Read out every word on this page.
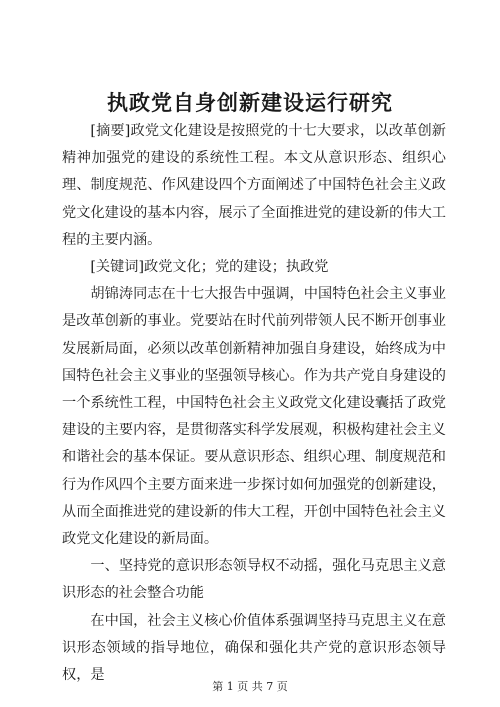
执政党自身创新建设运行研究

[摘要]政党文化建设是按照党的十七大要求，以改革创新精神加强党的建设的系统性工程。本文从意识形态、组织心理、制度规范、作风建设四个方面阐述了中国特色社会主义政党文化建设的基本内容，展示了全面推进党的建设新的伟大工程的主要内涵。

[关键词]政党文化；党的建设；执政党

胡锦涛同志在十七大报告中强调，中国特色社会主义事业是改革创新的事业。党要站在时代前列带领人民不断开创事业发展新局面，必须以改革创新精神加强自身建设，始终成为中国特色社会主义事业的坚强领导核心。作为共产党自身建设的一个系统性工程，中国特色社会主义政党文化建设囊括了政党建设的主要内容，是贯彻落实科学发展观，积极构建社会主义和谐社会的基本保证。要从意识形态、组织心理、制度规范和行为作风四个主要方面来进一步探讨如何加强党的创新建设，从而全面推进党的建设新的伟大工程，开创中国特色社会主义政党文化建设的新局面。

一、坚持党的意识形态领导权不动摇，强化马克思主义意识形态的社会整合功能

在中国，社会主义核心价值体系强调坚持马克思主义在意识形态领域的指导地位，确保和强化共产党的意识形态领导权，是

第 1 页 共 7 页
